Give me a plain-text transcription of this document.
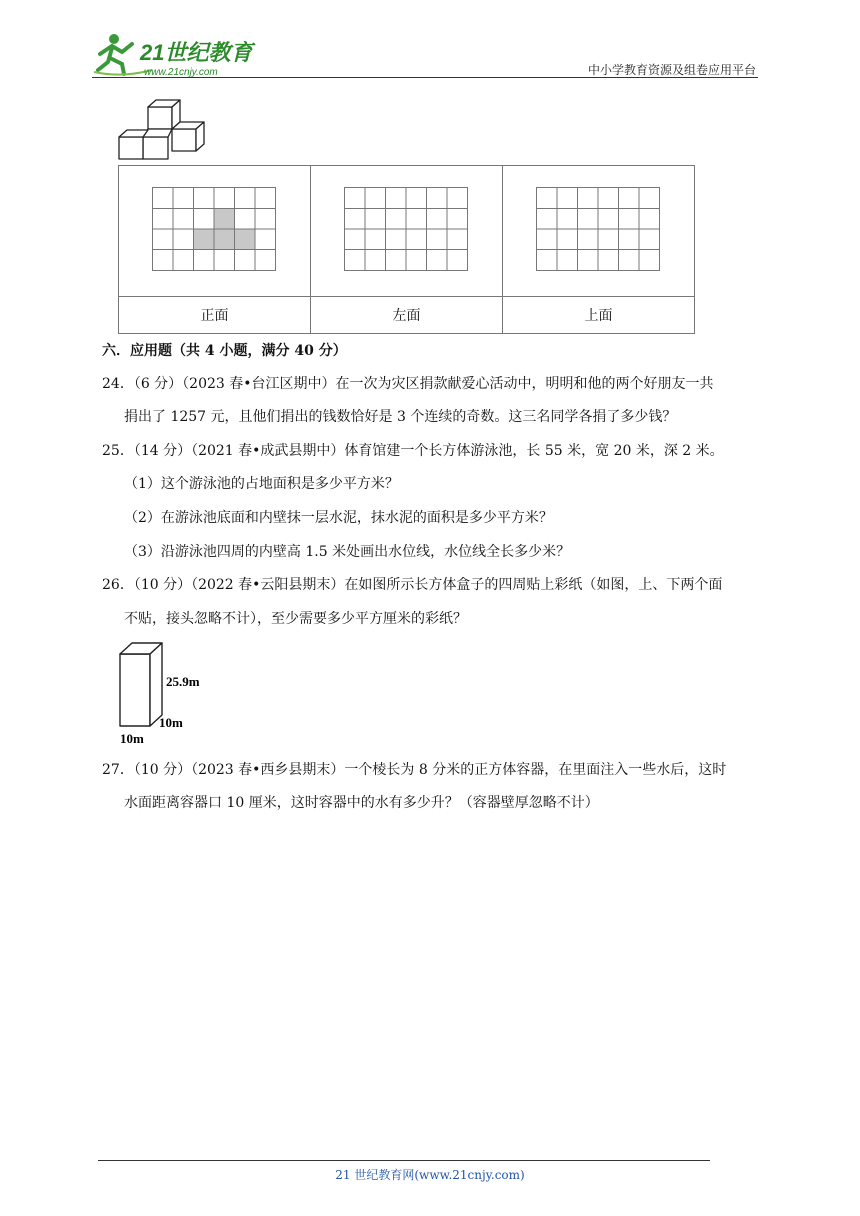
21世纪教育
www.21cnjy.com	中小学教育资源及组卷应用平台

正面	左面	上面
六．应用题（共 4 小题，满分 40 分）
24．（6 分）（2023 春•台江区期中）在一次为灾区捐款献爱心活动中，明明和他的两个好朋友一共
捐出了 1257 元，且他们捐出的钱数恰好是 3 个连续的奇数。这三名同学各捐了多少钱？
25．（14 分）（2021 春•成武县期中）体育馆建一个长方体游泳池，长 55 米，宽 20 米，深 2 米。
（1）这个游泳池的占地面积是多少平方米？
（2）在游泳池底面和内壁抹一层水泥，抹水泥的面积是多少平方米？
（3）沿游泳池四周的内壁高 1.5 米处画出水位线，水位线全长多少米？
26．（10 分）（2022 春•云阳县期末）在如图所示长方体盒子的四周贴上彩纸（如图，上、下两个面
不贴，接头忽略不计），至少需要多少平方厘米的彩纸？
25.9m
10m
10m
27．（10 分）（2023 春•西乡县期末）一个棱长为 8 分米的正方体容器，在里面注入一些水后，这时
水面距离容器口 10 厘米，这时容器中的水有多少升？（容器壁厚忽略不计）
21 世纪教育网(www.21cnjy.com)
